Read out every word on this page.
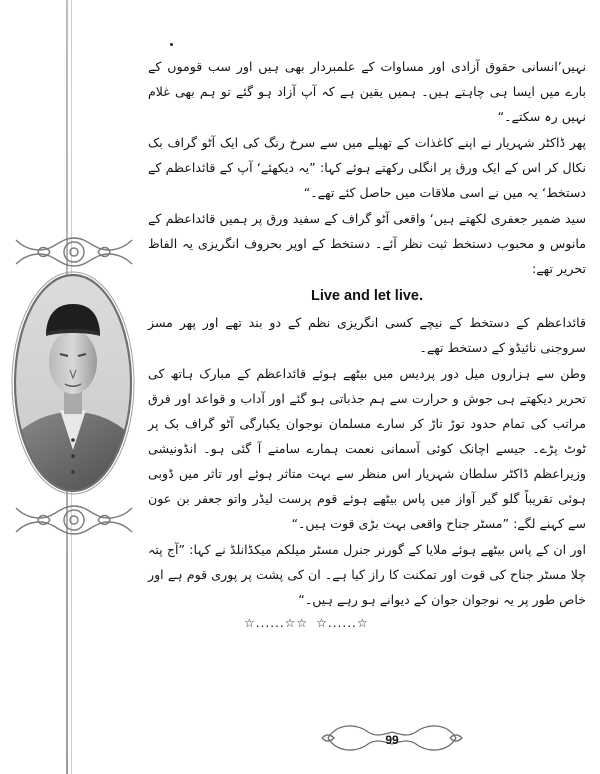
نہیں’انسانی حقوق آزادی اور مساوات کے علمبردار بھی ہیں اور سب قوموں کے بارے میں ایسا ہی چاہتے ہیں۔ ہمیں یقین ہے کہ آپ آزاد ہو گئے تو ہم بھی غلام نہیں رہ سکتے۔“

پھر ڈاکٹر شہریار نے اپنے کاغذات کے تھیلے میں سے سرخ رنگ کی ایک آٹو گراف بک نکال کر اس کے ایک ورق پر انگلی رکھتے ہوئے کہا: ”یہ دیکھئے‘ آپ کے قائداعظم کے دستخط‘ یہ میں نے اسی ملاقات میں حاصل کئے تھے۔“

سید ضمیر جعفری لکھتے ہیں‘ واقعی آٹو گراف کے سفید ورق پر ہمیں قائداعظم کے مانوس و محبوب دستخط ثبت نظر آئے۔ دستخط کے اوپر بحروف انگریزی یہ الفاظ تحریر تھے:

Live and let live.

قائداعظم کے دستخط کے نیچے کسی انگریزی نظم کے دو بند تھے اور پھر مسز سروجنی نائیڈو کے دستخط تھے۔

وطن سے ہزاروں میل دور پردیس میں بیٹھے ہوئے قائداعظم کے مبارک ہاتھ کی تحریر دیکھتے ہی جوش و حرارت سے ہم جذباتی ہو گئے اور آداب و قواعد اور فرق مراتب کی تمام حدود توڑ تاڑ کر سارے مسلمان نوجوان یکبارگی آٹو گراف بک پر ٹوٹ پڑے۔ جیسے اچانک کوئی آسمانی نعمت ہمارے سامنے آ گئی ہو۔ انڈونیشی وزیراعظم ڈاکٹر سلطان شہریار اس منظر سے بہت متاثر ہوئے اور تاثر میں ڈوبی ہوئی تقریباً گلو گیر آواز میں پاس بیٹھے ہوئے قوم پرست لیڈر واتو جعفر بن عون سے کہنے لگے: ”مسٹر جناح واقعی بہت بڑی قوت ہیں۔“

اور ان کے پاس بیٹھے ہوئے ملایا کے گورنر جنرل مسٹر میلکم میکڈانلڈ نے کہا: ”آج پتہ چلا مسٹر جناح کی قوت اور تمکنت کا راز کیا ہے۔ ان کی پشت پر پوری قوم ہے اور خاص طور پر یہ نوجوان جوان کے دیوانے ہو رہے ہیں۔“

☆......☆☆ ☆......☆
99
